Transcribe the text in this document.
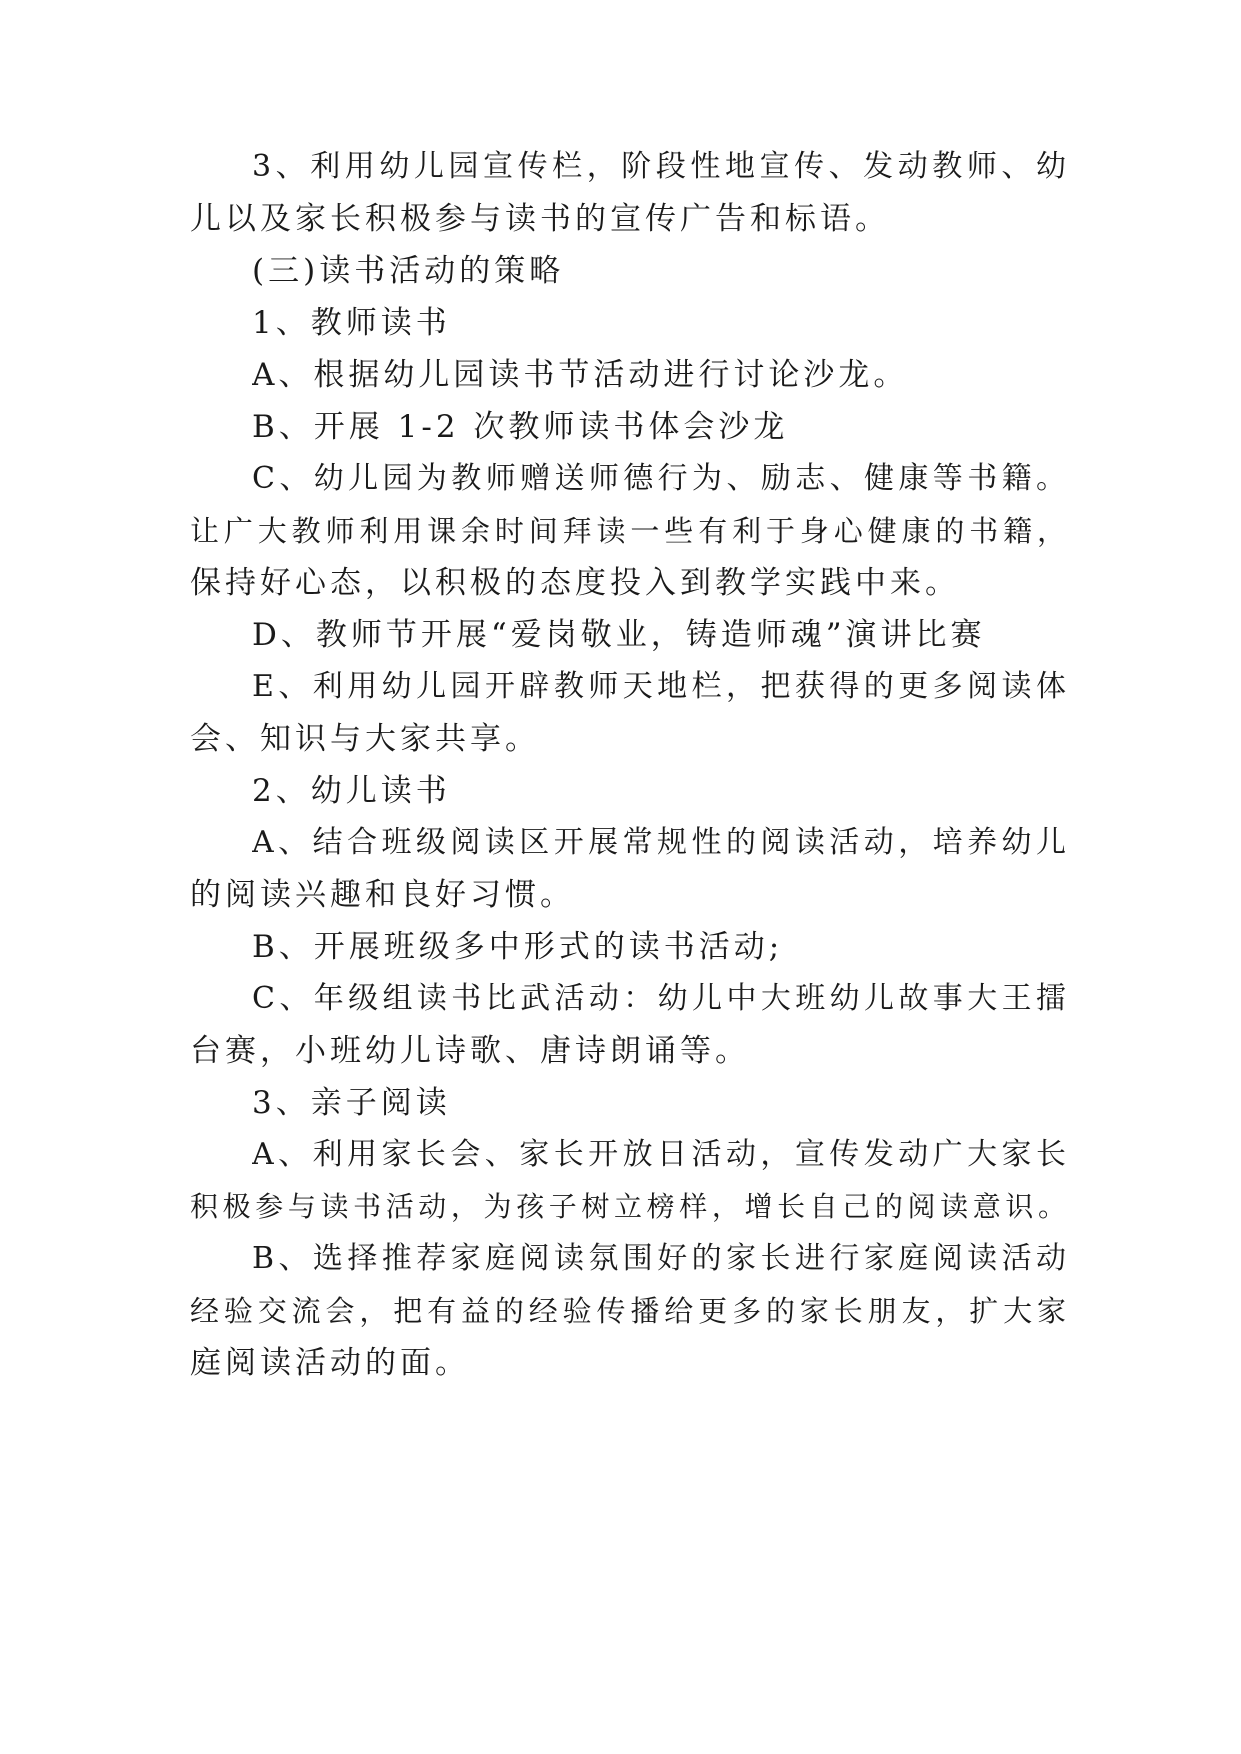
3、利用幼儿园宣传栏，阶段性地宣传、发动教师、幼
儿以及家长积极参与读书的宣传广告和标语。
(三)读书活动的策略
1、教师读书
A、根据幼儿园读书节活动进行讨论沙龙。
B、开展 1-2 次教师读书体会沙龙
C、幼儿园为教师赠送师德行为、励志、健康等书籍。
让广大教师利用课余时间拜读一些有利于身心健康的书籍，
保持好心态，以积极的态度投入到教学实践中来。
D、教师节开展“爱岗敬业，铸造师魂”演讲比赛
E、利用幼儿园开辟教师天地栏，把获得的更多阅读体
会、知识与大家共享。
2、幼儿读书
A、结合班级阅读区开展常规性的阅读活动，培养幼儿
的阅读兴趣和良好习惯。
B、开展班级多中形式的读书活动;
C、年级组读书比武活动：幼儿中大班幼儿故事大王擂
台赛，小班幼儿诗歌、唐诗朗诵等。
3、亲子阅读
A、利用家长会、家长开放日活动，宣传发动广大家长
积极参与读书活动，为孩子树立榜样，增长自己的阅读意识。
B、选择推荐家庭阅读氛围好的家长进行家庭阅读活动
经验交流会，把有益的经验传播给更多的家长朋友，扩大家
庭阅读活动的面。
